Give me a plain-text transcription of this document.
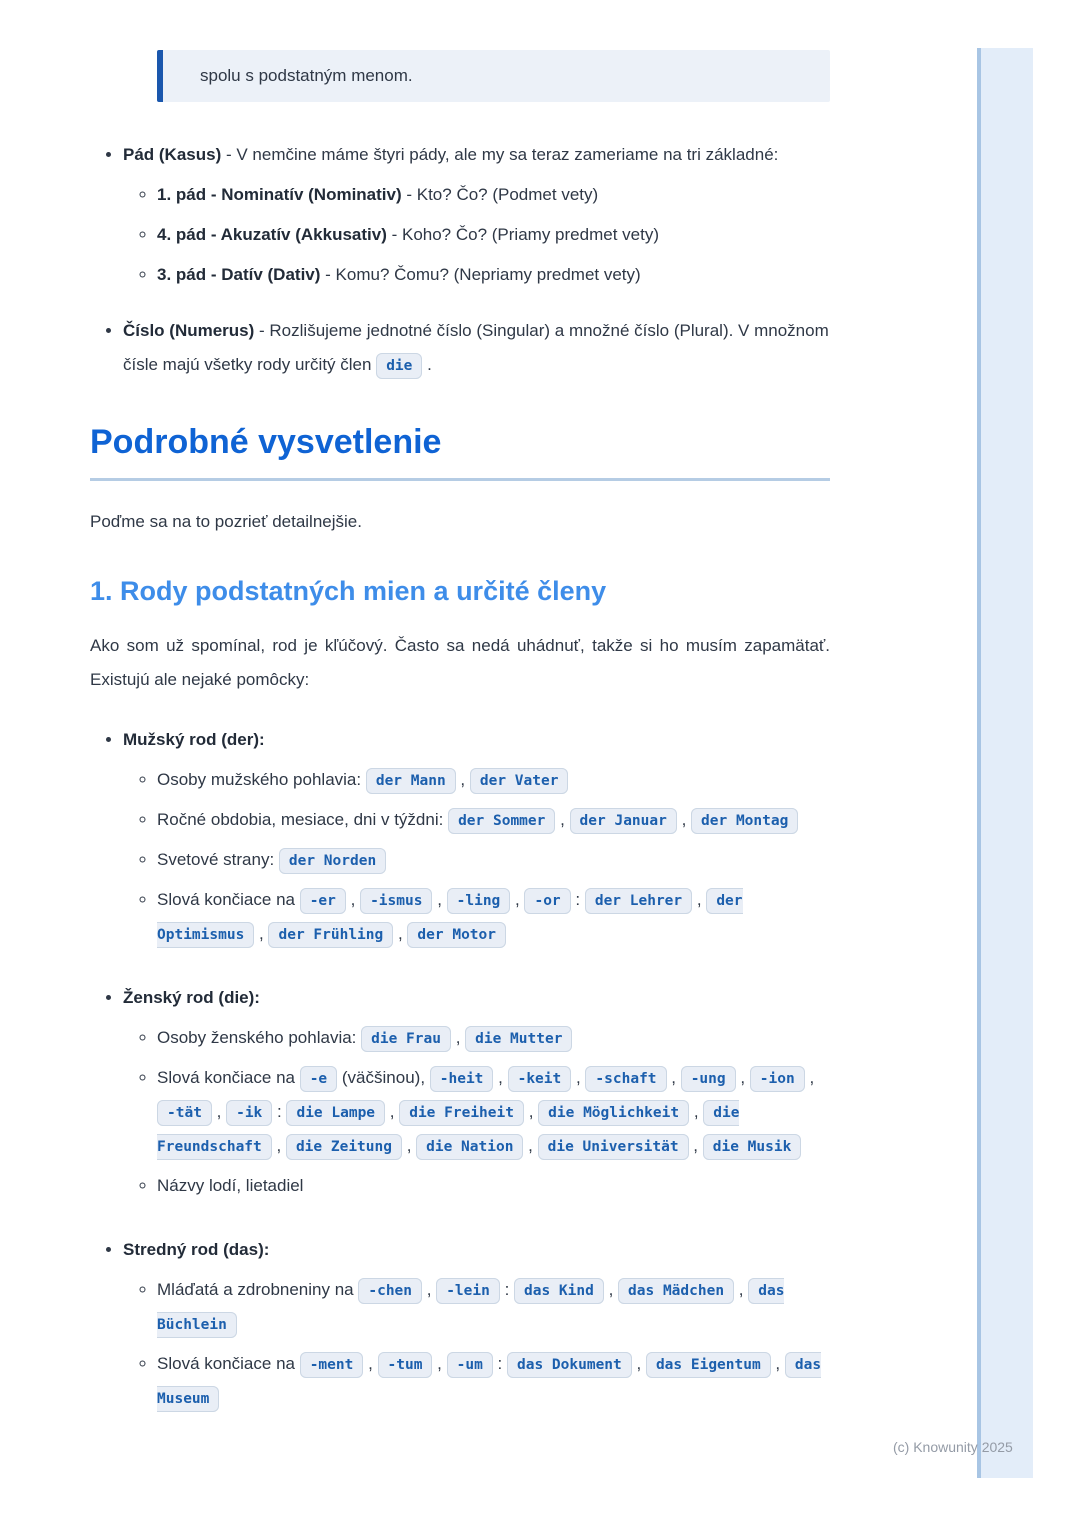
spolu s podstatným menom.
• Pád (Kasus) - V nemčine máme štyri pády, ale my sa teraz zameriame na tri základné:
◦ 1. pád - Nominatív (Nominativ) - Kto? Čo? (Podmet vety)
◦ 4. pád - Akuzatív (Akkusativ) - Koho? Čo? (Priamy predmet vety)
◦ 3. pád - Datív (Dativ) - Komu? Čomu? (Nepriamy predmet vety)
• Číslo (Numerus) - Rozlišujeme jednotné číslo (Singular) a množné číslo (Plural). V množnom čísle majú všetky rody určitý člen die .
Podrobné vysvetlenie

Poďme sa na to pozrieť detailnejšie.

1. Rody podstatných mien a určité členy

Ako som už spomínal, rod je kľúčový. Často sa nedá uhádnuť, takže si ho musím zapamätať. Existujú ale nejaké pomôcky:

• Mužský rod (der):
◦ Osoby mužského pohlavia: der Mann , der Vater
◦ Ročné obdobia, mesiace, dni v týždni: der Sommer , der Januar , der Montag
◦ Svetové strany: der Norden
◦ Slová končiace na -er , -ismus , -ling , -or : der Lehrer , der Optimismus , der Frühling , der Motor
• Ženský rod (die):
◦ Osoby ženského pohlavia: die Frau , die Mutter
◦ Slová končiace na -e (väčšinou), -heit , -keit , -schaft , -ung , -ion , -tät , -ik : die Lampe , die Freiheit , die Möglichkeit , die Freundschaft , die Zeitung , die Nation , die Universität , die Musik
◦ Názvy lodí, lietadiel
• Stredný rod (das):
◦ Mláďatá a zdrobneniny na -chen , -lein : das Kind , das Mädchen , das Büchlein
◦ Slová končiace na -ment , -tum , -um : das Dokument , das Eigentum , das Museum
(c) Knowunity 2025
